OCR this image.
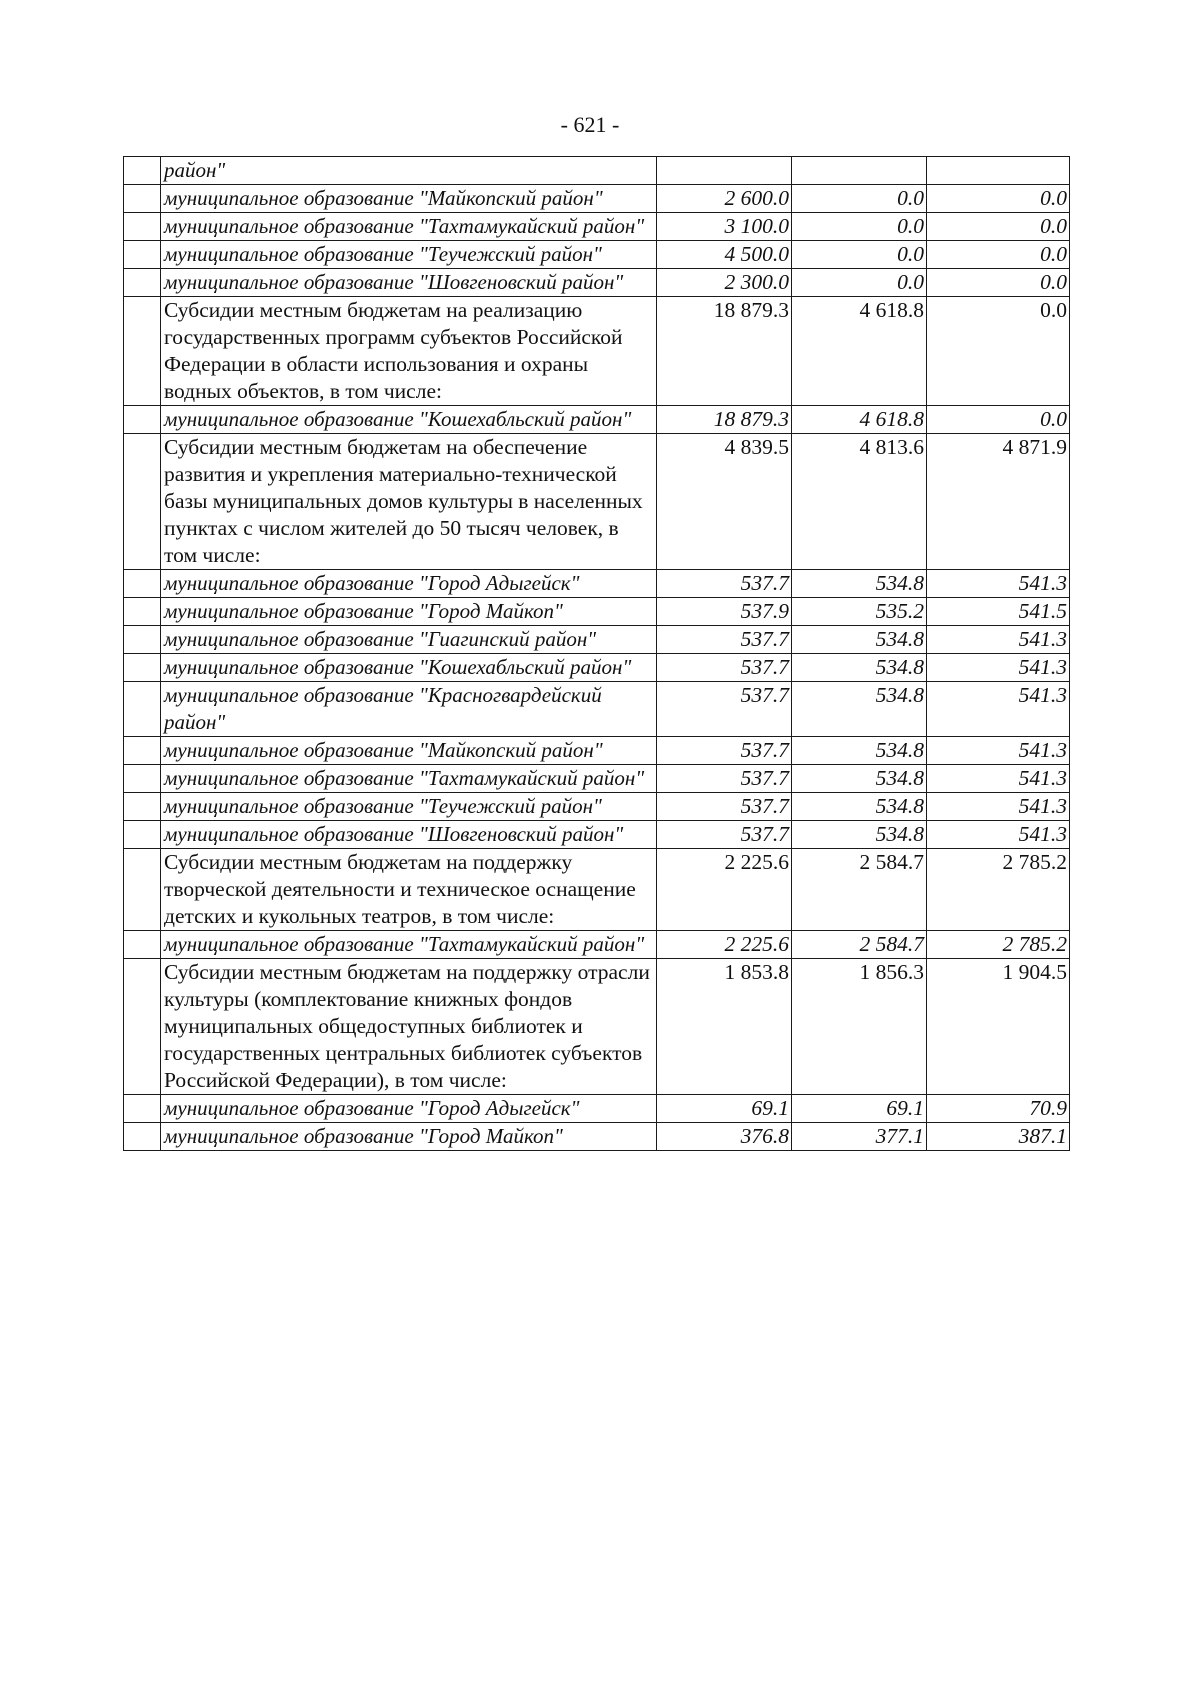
- 621 -
	район"			
	муниципальное образование "Майкопский район"	2 600.0	0.0	0.0
	муниципальное образование "Тахтамукайский район"	3 100.0	0.0	0.0
	муниципальное образование "Теучежский район"	4 500.0	0.0	0.0
	муниципальное образование "Шовгеновский район"	2 300.0	0.0	0.0
	Субсидии местным бюджетам на реализацию государственных программ субъектов Российской Федерации в области использования и охраны водных объектов, в том числе:	18 879.3	4 618.8	0.0
	муниципальное образование "Кошехабльский район"	18 879.3	4 618.8	0.0
	Субсидии местным бюджетам на обеспечение развития и укрепления материально-технической базы муниципальных домов культуры в населенных пунктах с числом жителей до 50 тысяч человек, в том числе:	4 839.5	4 813.6	4 871.9
	муниципальное образование "Город Адыгейск"	537.7	534.8	541.3
	муниципальное образование "Город Майкоп"	537.9	535.2	541.5
	муниципальное образование "Гиагинский район"	537.7	534.8	541.3
	муниципальное образование "Кошехабльский район"	537.7	534.8	541.3
	муниципальное образование "Красногвардейский район"	537.7	534.8	541.3
	муниципальное образование "Майкопский район"	537.7	534.8	541.3
	муниципальное образование "Тахтамукайский район"	537.7	534.8	541.3
	муниципальное образование "Теучежский район"	537.7	534.8	541.3
	муниципальное образование "Шовгеновский район"	537.7	534.8	541.3
	Субсидии местным бюджетам на поддержку творческой деятельности и техническое оснащение детских и кукольных театров, в том числе:	2 225.6	2 584.7	2 785.2
	муниципальное образование "Тахтамукайский район"	2 225.6	2 584.7	2 785.2
	Субсидии местным бюджетам на поддержку отрасли культуры (комплектование книжных фондов муниципальных общедоступных библиотек и государственных центральных библиотек субъектов Российской Федерации), в том числе:	1 853.8	1 856.3	1 904.5
	муниципальное образование "Город Адыгейск"	69.1	69.1	70.9
	муниципальное образование "Город Майкоп"	376.8	377.1	387.1
